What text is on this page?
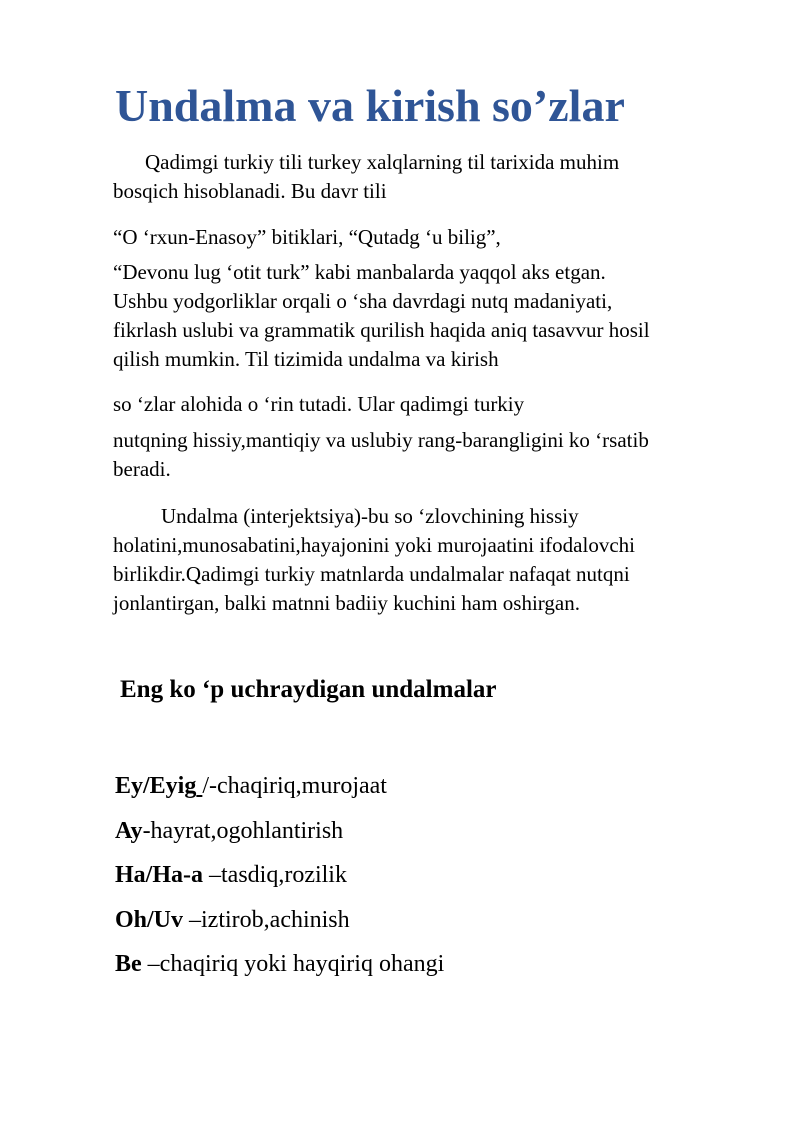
Undalma va kirish so’zlar

Qadimgi turkiy tili turkey xalqlarning til tarixida muhim
bosqich hisoblanadi. Bu davr tili

“O ‘rxun-Enasoy” bitiklari, “Qutadg ‘u bilig”,

“Devonu lug ‘otit turk” kabi manbalarda yaqqol aks etgan.
Ushbu yodgorliklar orqali o ‘sha davrdagi nutq madaniyati,
fikrlash uslubi va grammatik qurilish haqida aniq tasavvur hosil
qilish mumkin. Til tizimida undalma va kirish

so ‘zlar alohida o ‘rin tutadi. Ular qadimgi turkiy

nutqning hissiy,mantiqiy va uslubiy rang-barangligini ko ‘rsatib
beradi.

Undalma (interjektsiya)-bu so ‘zlovchining hissiy
holatini,munosabatini,hayajonini yoki murojaatini ifodalovchi
birlikdir.Qadimgi turkiy matnlarda undalmalar nafaqat nutqni
jonlantirgan, balki matnni badiiy kuchini ham oshirgan.

Eng ko ‘p uchraydigan undalmalar
Ey/Eyig /-chaqiriq,murojaat
Ay-hayrat,ogohlantirish
Ha/Ha-a –tasdiq,rozilik
Oh/Uv –iztirob,achinish
Be –chaqiriq yoki hayqiriq ohangi
